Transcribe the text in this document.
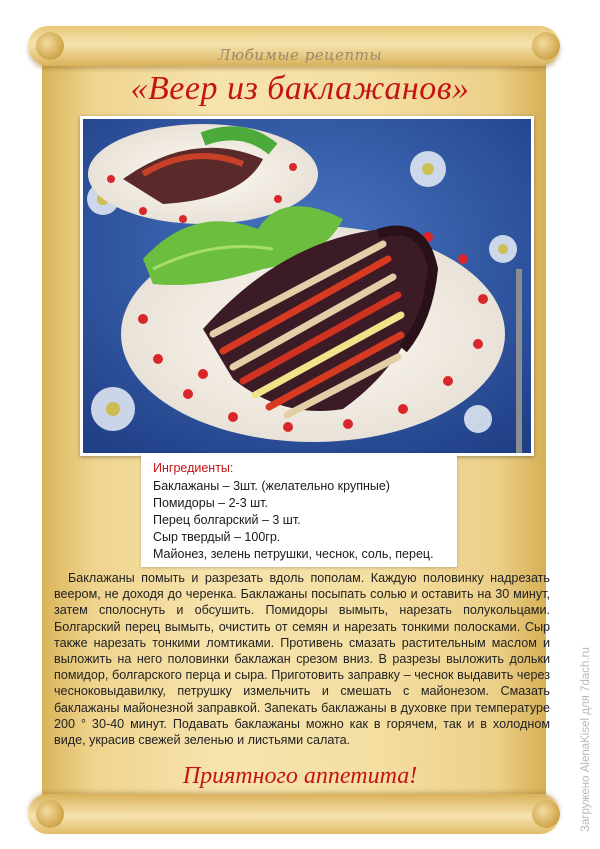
Любимые рецепты
«Веер из баклажанов»
Ингредиенты:
Баклажаны – 3шт. (желательно крупные)
Помидоры – 2-3 шт.
Перец болгарский – 3 шт.
Сыр твердый – 100гр.
Майонез, зелень петрушки, чеснок, соль, перец.

Баклажаны помыть и разрезать вдоль пополам. Каждую половинку надрезать веером, не доходя до черенка. Баклажаны посыпать солью и оставить на 30 минут, затем сполоснуть и обсушить. Помидоры вымыть, нарезать полукольцами. Болгарский перец вымыть, очистить от семян и нарезать тонкими полосками. Сыр также нарезать тонкими ломтиками. Противень смазать растительным маслом и выложить на него половинки баклажан срезом вниз. В разрезы выложить дольки помидор, болгарского перца и сыра. Приготовить заправку – чеснок выдавить через чесноковыдавилку, петрушку измельчить и смешать с майонезом. Смазать баклажаны майонезной заправкой. Запекать баклажаны в духовке при температуре 200 ° 30-40 минут. Подавать баклажаны можно как в горячем, так и в холодном виде, украсив свежей зеленью и листьями салата.

Приятного аппетита!	Загружено AlenaKisel для 7dach.ru
